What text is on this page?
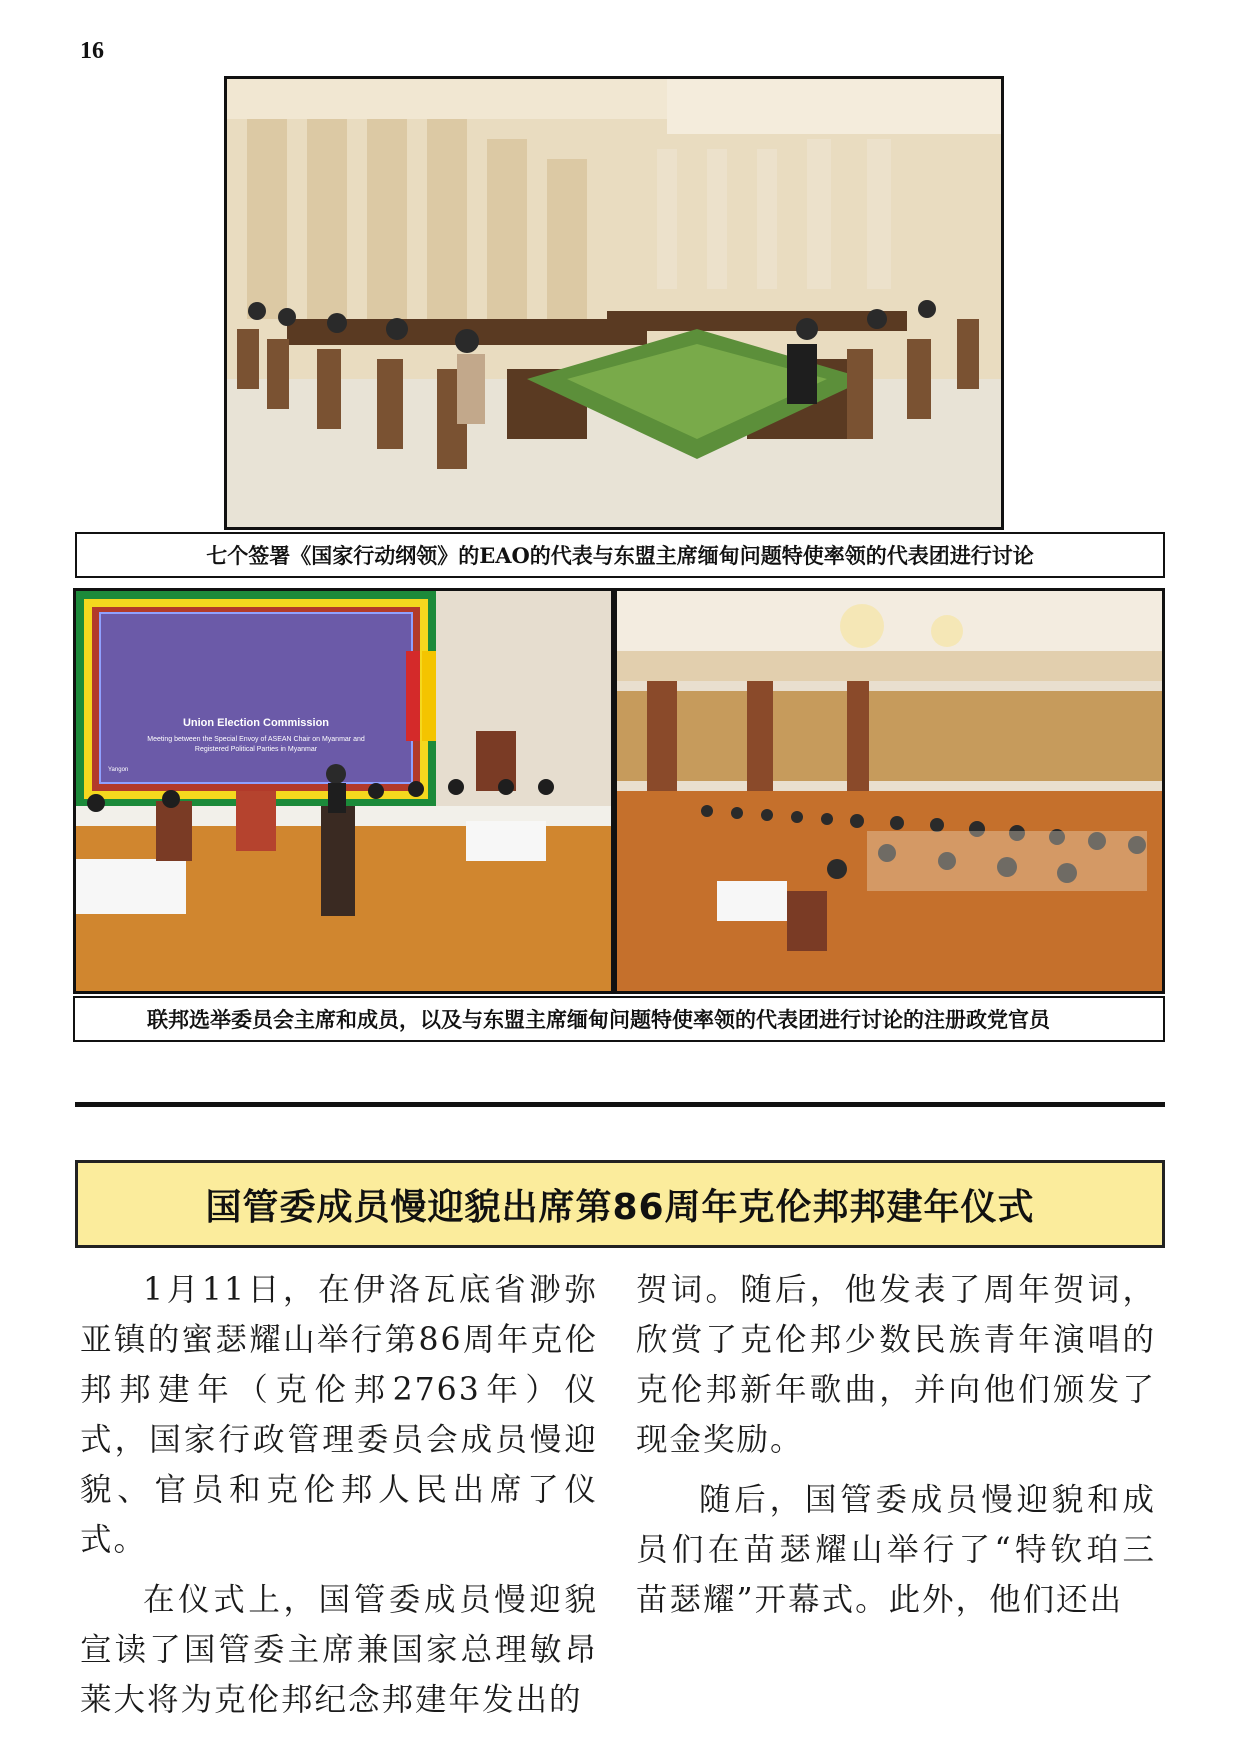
16
七个签署《国家行动纲领》的EAO的代表与东盟主席缅甸问题特使率领的代表团进行讨论
Union Election Commission
Meeting between the Special Envoy of ASEAN Chair on Myanmar and
Registered Political Parties in Myanmar
Yangon
联邦选举委员会主席和成员，以及与东盟主席缅甸问题特使率领的代表团进行讨论的注册政党官员
国管委成员慢迎貌出席第86周年克伦邦邦建年仪式

1月11日，在伊洛瓦底省渺弥亚镇的蜜瑟耀山举行第86周年克伦邦邦建年（克伦邦2763年）仪式，国家行政管理委员会成员慢迎貌、官员和克伦邦人民出席了仪式。

在仪式上，国管委成员慢迎貌宣读了国管委主席兼国家总理敏昂莱大将为克伦邦纪念邦建年发出的

贺词。随后，他发表了周年贺词，欣赏了克伦邦少数民族青年演唱的克伦邦新年歌曲，并向他们颁发了现金奖励。

随后，国管委成员慢迎貌和成员们在苗瑟耀山举行了“特钦珀三苗瑟耀”开幕式。此外，他们还出
